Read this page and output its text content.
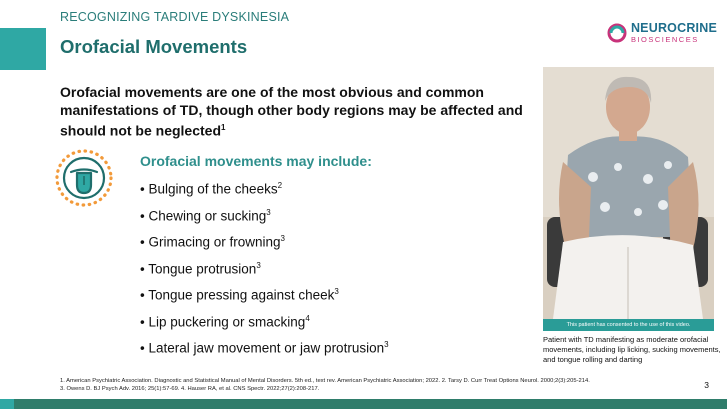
RECOGNIZING TARDIVE DYSKINESIA
Orofacial Movements
NEUROCRINE
BIOSCIENCES
Orofacial movements are one of the most obvious and common manifestations of TD, though other body regions may be affected and should not be neglected$^1$
Orofacial movements may include:
• Bulging of the cheeks$^2$
• Chewing or sucking$^3$
• Grimacing or frowning$^3$
• Tongue protrusion$^3$
• Tongue pressing against cheek$^3$
• Lip puckering or smacking$^4$
• Lateral jaw movement or jaw protrusion$^3$
This patient has consented to the use of this video.
Patient with TD manifesting as moderate orofacial movements, including lip licking, sucking movements, and tongue rolling and darting
1. American Psychiatric Association. Diagnostic and Statistical Manual of Mental Disorders. 5th ed., text rev. American Psychiatric Association; 2022. 2. Tarsy D. Curr Treat Options Neurol. 2000;2(3):205-214.
3. Owens D. BJ Psych Adv. 2016; 25(1):57-69. 4. Hauser RA, et al. CNS Spectr. 2022;27(2):208-217.	3
